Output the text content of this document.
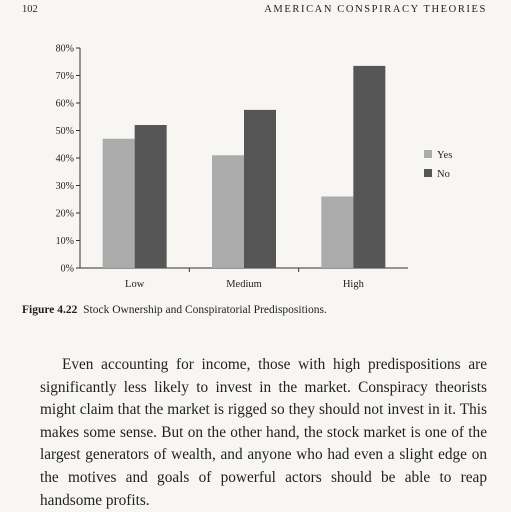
102	AMERICAN CONSPIRACY THEORIES
0%
10%
20%
30%
40%
50%
60%
70%
80%
Low	Medium	High
Yes
No
Figure 4.22 Stock Ownership and Conspiratorial Predispositions.

Even accounting for income, those with high predispositions are significantly less likely to invest in the market. Conspiracy theorists might claim that the market is rigged so they should not invest in it. This makes some sense. But on the other hand, the stock market is one of the largest generators of wealth, and anyone who had even a slight edge on the motives and goals of powerful actors should be able to reap handsome profits.
